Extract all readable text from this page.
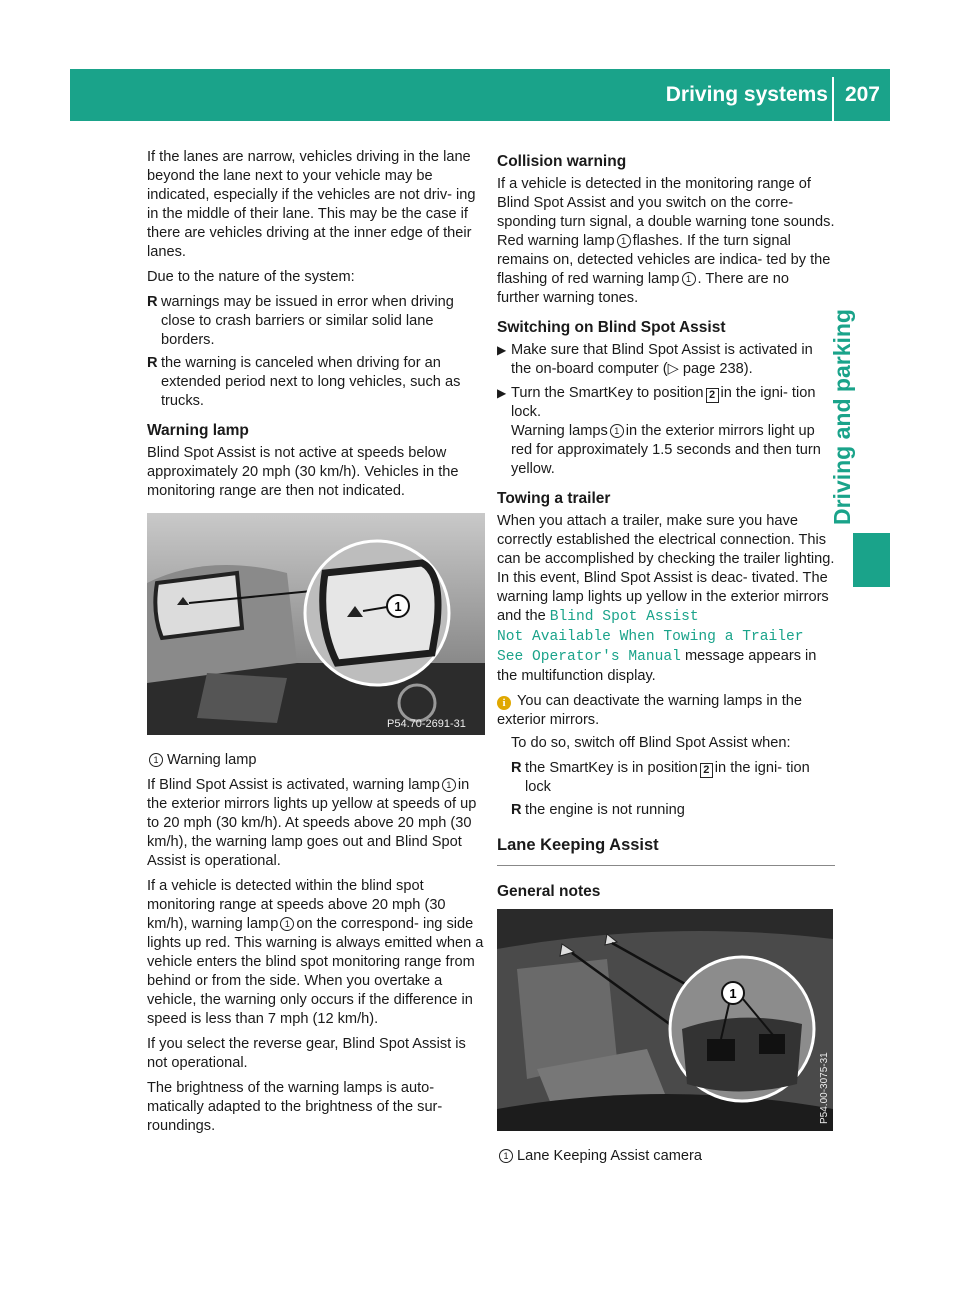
Driving systems 207
Driving and parking

If the lanes are narrow, vehicles driving in the lane beyond the lane next to your vehicle may be indicated, especially if the vehicles are not driv- ing in the middle of their lane. This may be the case if there are vehicles driving at the inner edge of their lanes.

Due to the nature of the system:

R warnings may be issued in error when driving close to crash barriers or similar solid lane borders.
R the warning is canceled when driving for an extended period next to long vehicles, such as trucks.
Warning lamp

Blind Spot Assist is not active at speeds below approximately 20 mph (30 km/h). Vehicles in the monitoring range are then not indicated.

1
P54.70-2691-31
1 Warning lamp

If Blind Spot Assist is activated, warning lamp 1 in the exterior mirrors lights up yellow at speeds of up to 20 mph (30 km/h). At speeds above 20 mph (30 km/h), the warning lamp goes out and Blind Spot Assist is operational.

If a vehicle is detected within the blind spot monitoring range at speeds above 20 mph (30 km/h), warning lamp 1 on the correspond- ing side lights up red. This warning is always emitted when a vehicle enters the blind spot monitoring range from behind or from the side. When you overtake a vehicle, the warning only occurs if the difference in speed is less than 7 mph (12 km/h).

If you select the reverse gear, Blind Spot Assist is not operational.

The brightness of the warning lamps is auto- matically adapted to the brightness of the sur- roundings.

Collision warning

If a vehicle is detected in the monitoring range of Blind Spot Assist and you switch on the corre- sponding turn signal, a double warning tone sounds. Red warning lamp 1 flashes. If the turn signal remains on, detected vehicles are indica- ted by the flashing of red warning lamp 1 . There are no further warning tones.

Switching on Blind Spot Assist
▶ Make sure that Blind Spot Assist is activated in the on-board computer (▷ page 238).
▶ Turn the SmartKey to position 2 in the igni- tion lock.
Warning lamps 1 in the exterior mirrors light up red for approximately 1.5 seconds and then turn yellow.
Towing a trailer

When you attach a trailer, make sure you have correctly established the electrical connection. This can be accomplished by checking the trailer lighting. In this event, Blind Spot Assist is deac- tivated. The warning lamp lights up yellow in the exterior mirrors and the Blind Spot Assist
Not Available When Towing a Trailer
See Operator's Manual message appears in the multifunction display.

i You can deactivate the warning lamps in the exterior mirrors.

To do so, switch off Blind Spot Assist when:

R the SmartKey is in position 2 in the igni- tion lock
R the engine is not running
Lane Keeping Assist
General notes
1
P54.00-3075-31
1 Lane Keeping Assist camera
